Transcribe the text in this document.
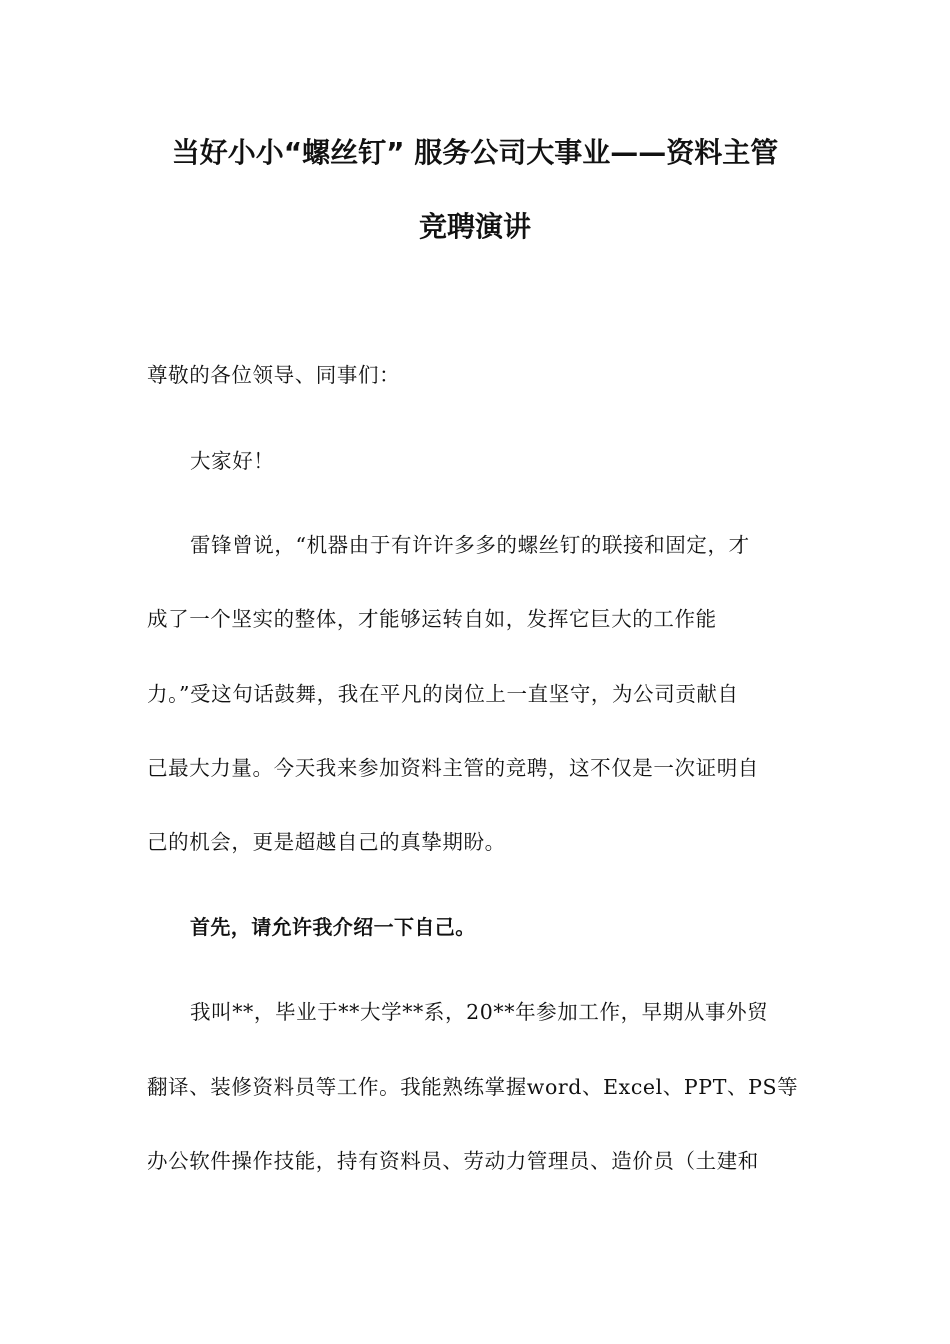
当好小小“螺丝钉” 服务公司大事业——资料主管
竞聘演讲
尊敬的各位领导、同事们：
大家好！
雷锋曾说，“机器由于有许许多多的螺丝钉的联接和固定，才
成了一个坚实的整体，才能够运转自如，发挥它巨大的工作能
力。”受这句话鼓舞，我在平凡的岗位上一直坚守，为公司贡献自
己最大力量。今天我来参加资料主管的竞聘，这不仅是一次证明自
己的机会，更是超越自己的真挚期盼。
首先，请允许我介绍一下自己。
我叫**，毕业于**大学**系，20**年参加工作，早期从事外贸
翻译、装修资料员等工作。我能熟练掌握word、Excel、PPT、PS等
办公软件操作技能，持有资料员、劳动力管理员、造价员（土建和
